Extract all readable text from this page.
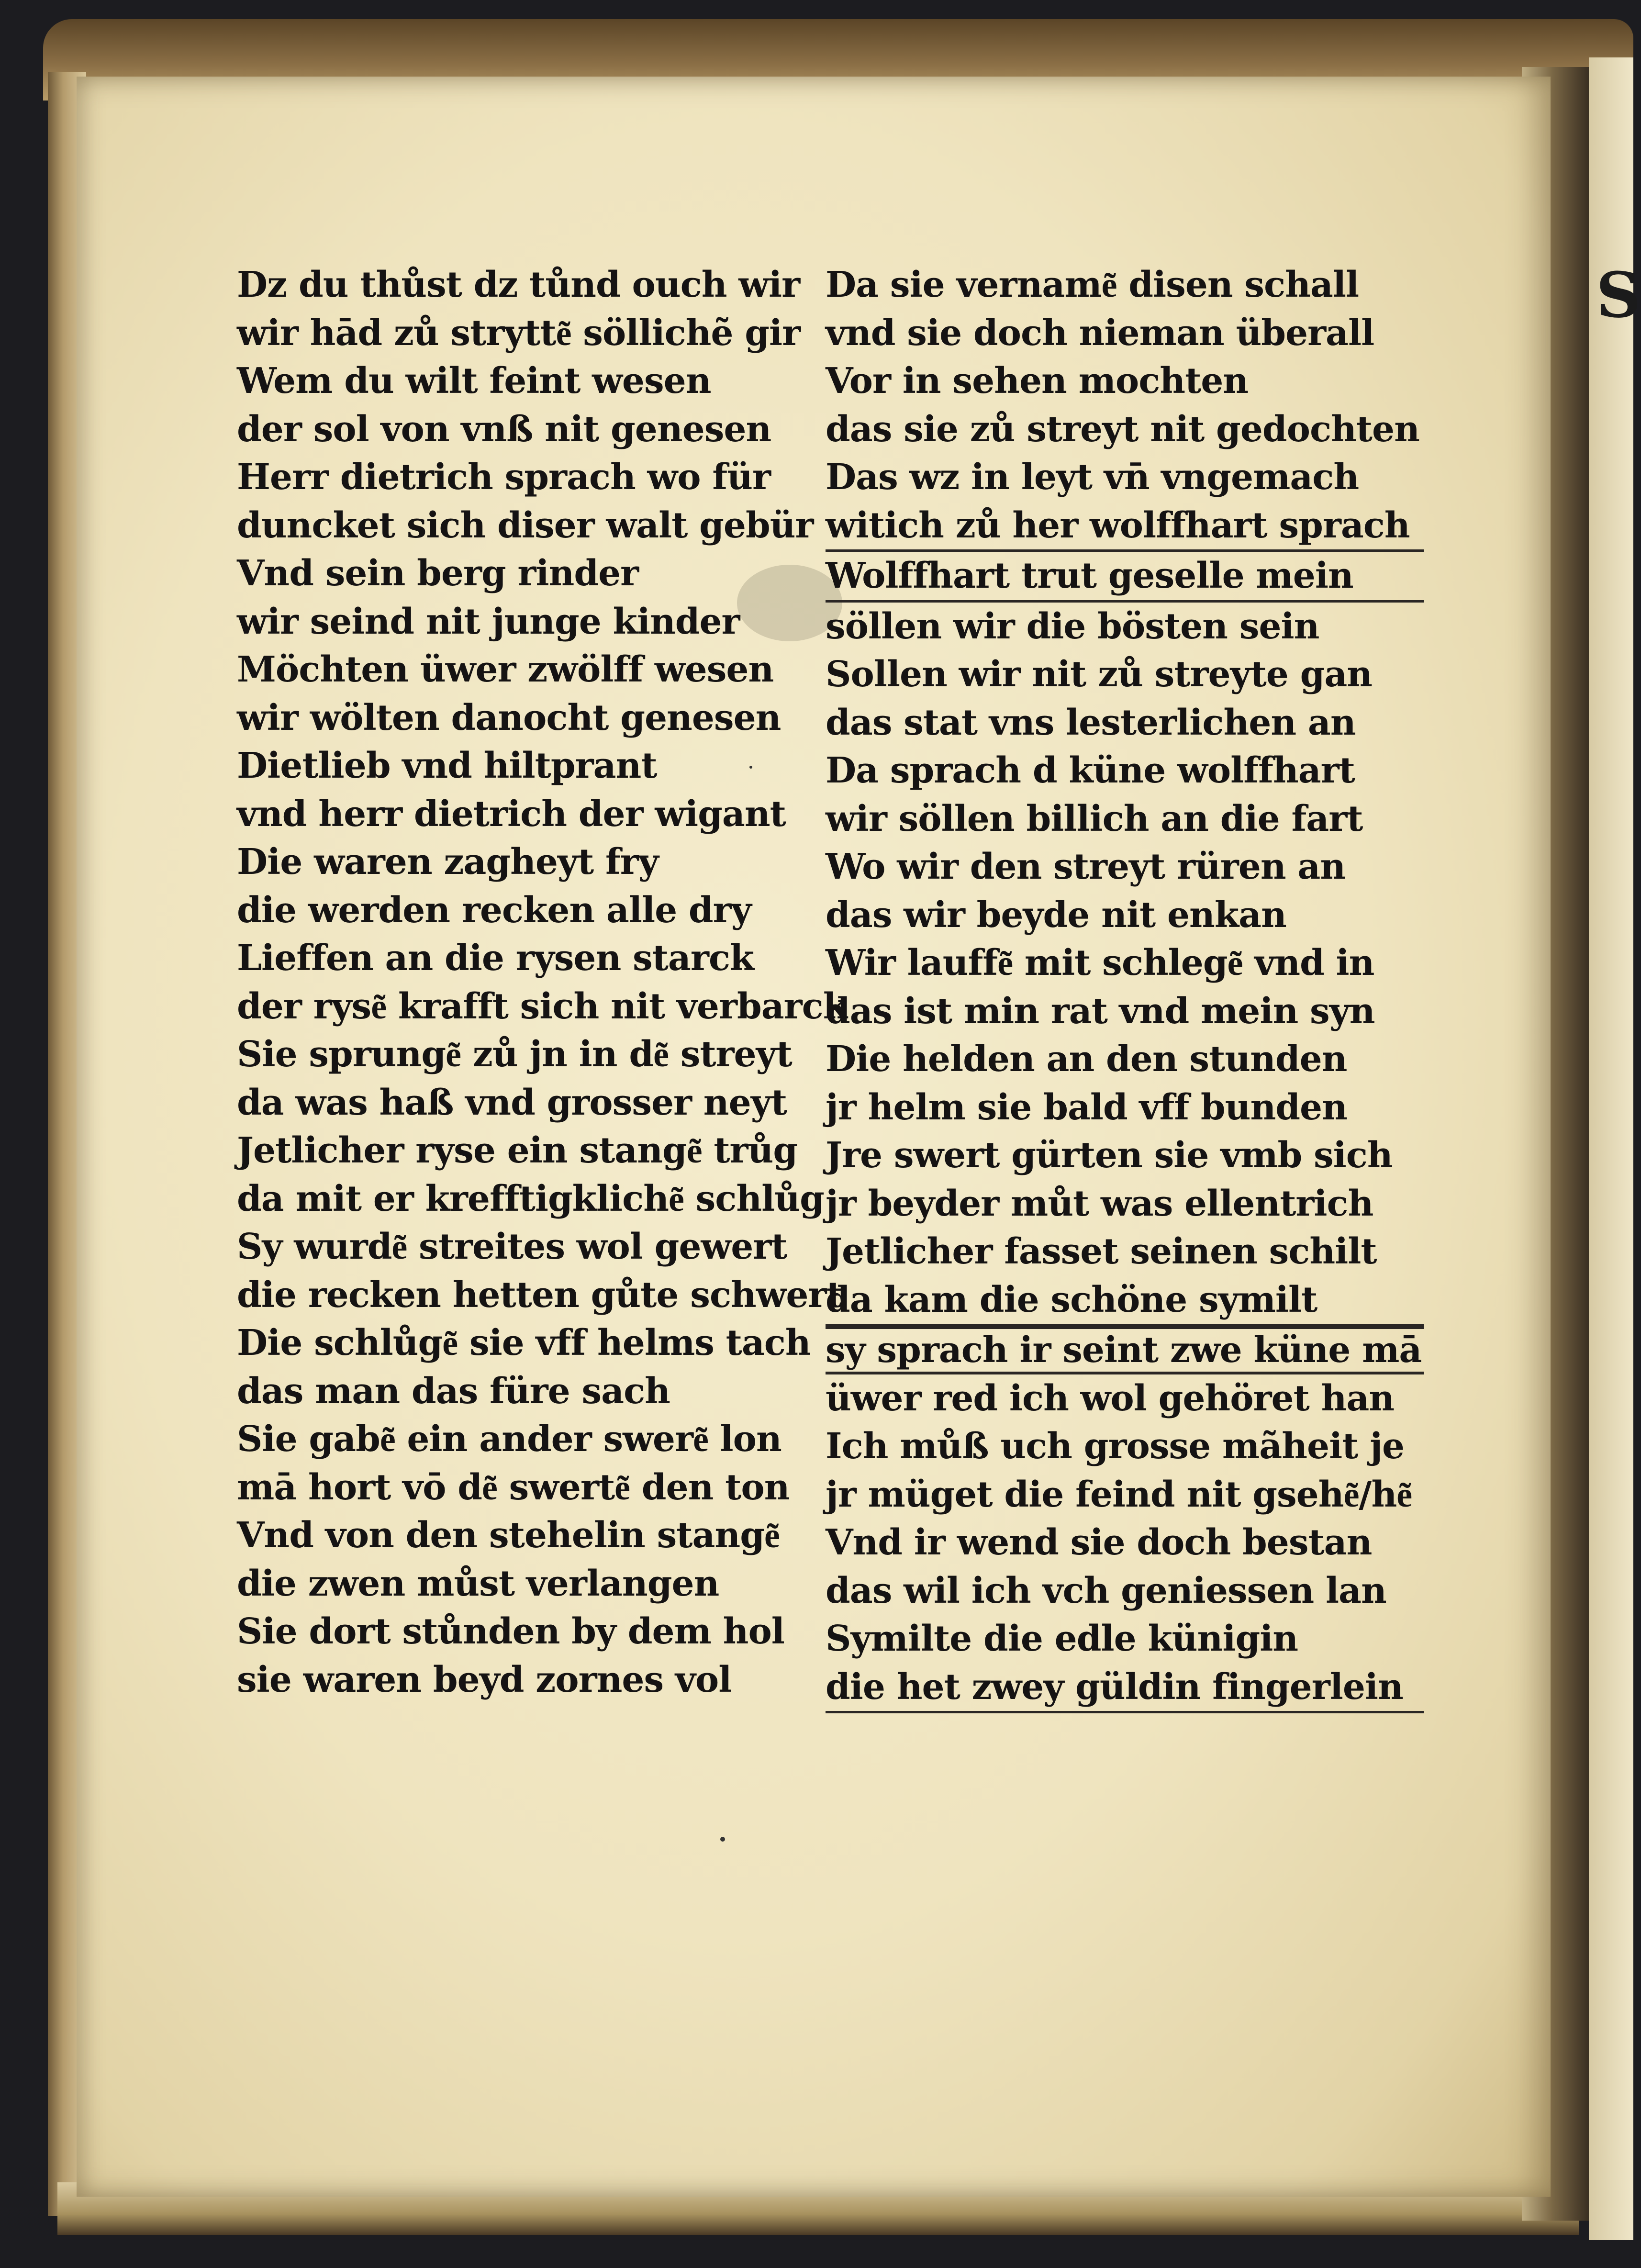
S
Dz du thůst dz tůnd ouch wir
wir hād zů strytte͂ söllichẽ gir
Wem du wilt feint wesen
der sol von vnß nit genesen
Herr dietrich sprach wo für
duncket sich diser walt gebür
Vnd sein berg rinder
wir seind nit junge kinder
Möchten üwer zwölff wesen
wir wölten danocht genesen
Dietlieb vnd hiltprant
vnd herr dietrich der wigant
Die waren zagheyt fry
die werden recken alle dry
Lieffen an die rysen starck
der ryse͂ krafft sich nit verbarck
Sie sprunge͂ zů jn in de͂ streyt
da was haß vnd grosser neyt
Jetlicher ryse ein stange͂ trůg
da mit er krefftigkliche͂ schlůg
Sy wurde͂ streites wol gewert
die recken hetten gůte schwert
Die schlůge͂ sie vff helms tach
das man das füre sach
Sie gabe͂ ein ander swere͂ lon
mā hort vō de͂ swerte͂ den ton
Vnd von den stehelin stange͂
die zwen můst verlangen
Sie dort stůnden by dem hol
sie waren beyd zornes vol
Da sie vername͂ disen schall
vnd sie doch nieman überall
Vor in sehen mochten
das sie zů streyt nit gedochten
Das wz in leyt vn̄ vngemach
witich zů her wolffhart sprach
Wolffhart trut geselle mein
söllen wir die bösten sein
Sollen wir nit zů streyte gan
das stat vns lesterlichen an
Da sprach d küne wolffhart
wir söllen billich an die fart
Wo wir den streyt rüren an
das wir beyde nit enkan
Wir lauffe͂ mit schlege͂ vnd in
das ist min rat vnd mein syn
Die helden an den stunden
jr helm sie bald vff bunden
Jre swert gürten sie vmb sich
jr beyder můt was ellentrich
Jetlicher fasset seinen schilt
da kam die schöne symilt
sy sprach ir seint zwe küne mā
üwer red ich wol gehöret han
Ich můß uch grosse mãheit je
jr müget die feind nit gsehe͂/he͂
Vnd ir wend sie doch bestan
das wil ich vch geniessen lan
Symilte die edle künigin
die het zwey güldin fingerlein
